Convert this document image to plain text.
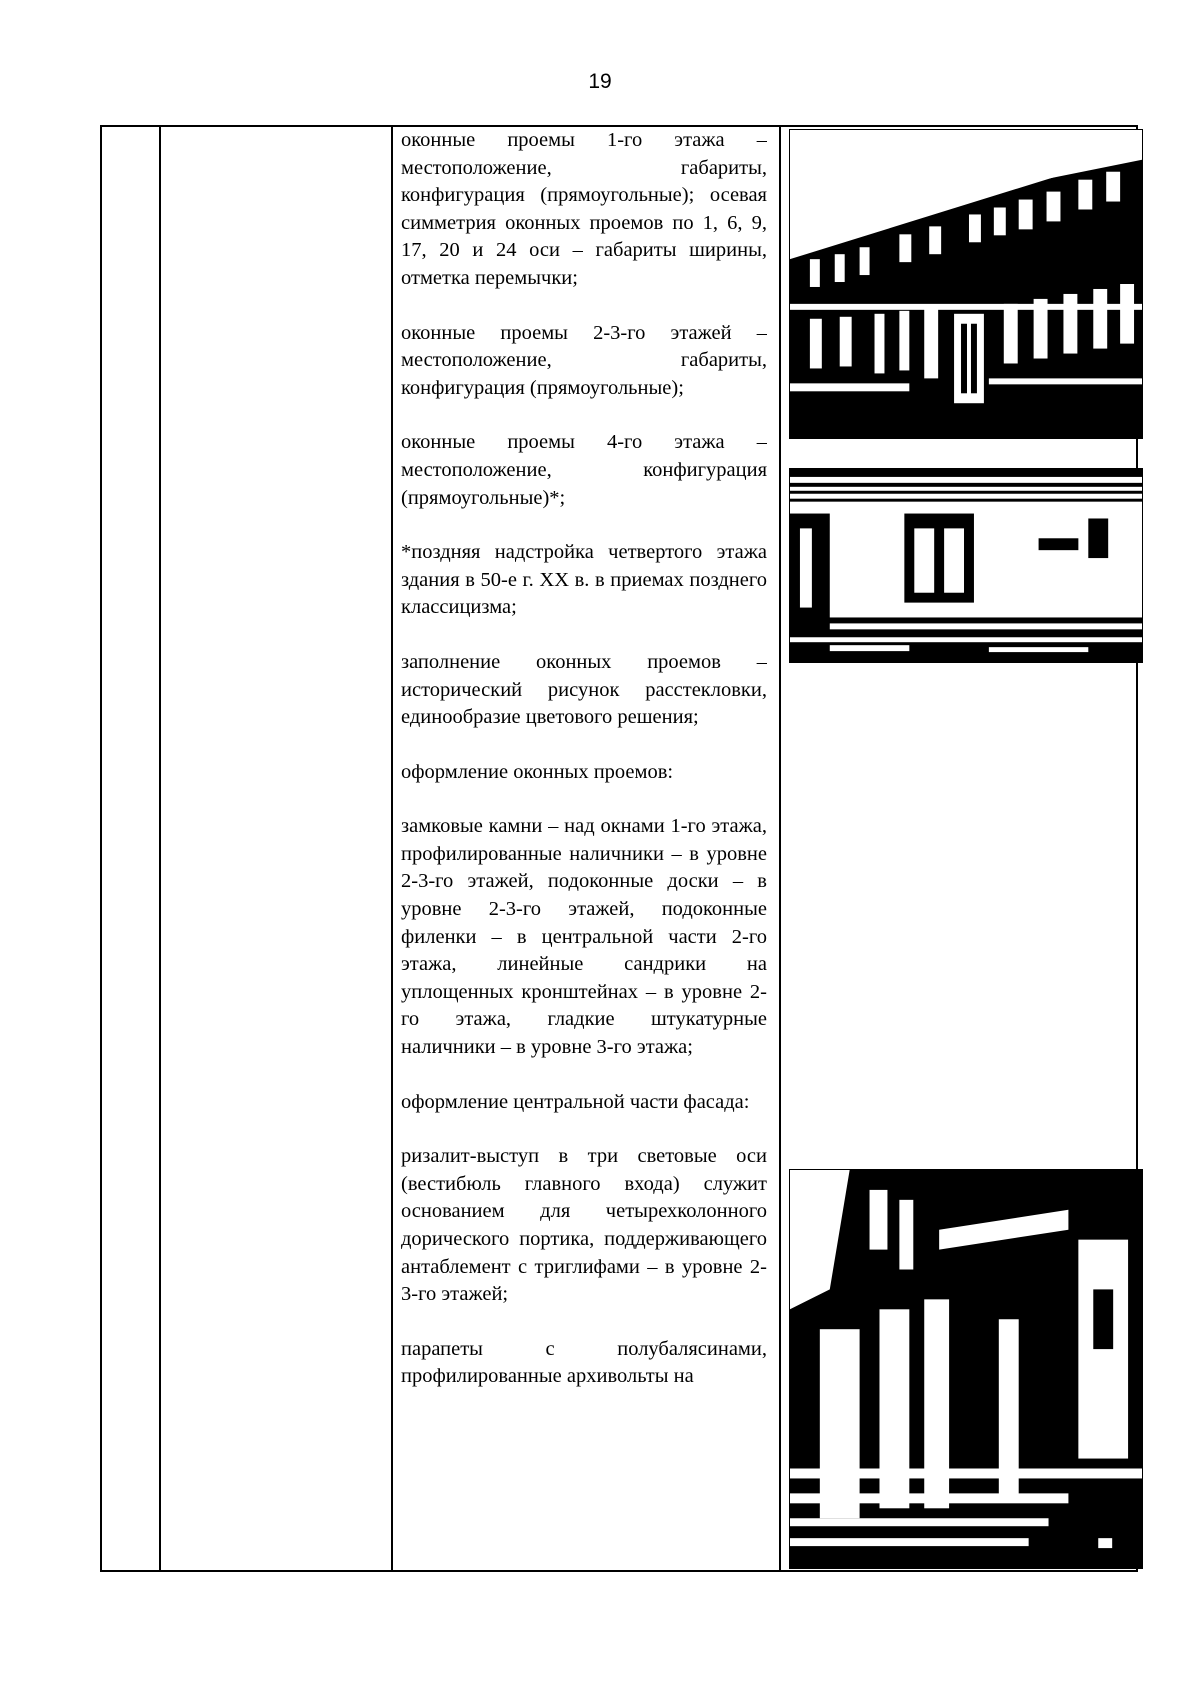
19

оконные проемы 1-го этажа – местоположение, габариты, конфигурация (прямоугольные); осевая симметрия оконных проемов по 1, 6, 9, 17, 20 и 24 оси – габариты ширины, отметка перемычки;

оконные проемы 2-3-го этажей – местоположение, габариты, конфигурация (прямоугольные);

оконные проемы 4-го этажа – местоположение, конфигурация (прямоугольные)*;

*поздняя надстройка четвертого этажа здания в 50-е г. XX в. в приемах позднего классицизма;

заполнение оконных проемов – исторический рисунок расстекловки, единообразие цветового решения;

оформление оконных проемов:

замковые камни – над окнами 1-го этажа, профилированные наличники – в уровне 2-3-го этажей, подоконные доски – в уровне 2-3-го этажей, подоконные филенки – в центральной части 2-го этажа, линейные сандрики на уплощенных кронштейнах – в уровне 2-го этажа, гладкие штукатурные наличники – в уровне 3-го этажа;

оформление центральной части фасада:

ризалит-выступ в три световые оси (вестибюль главного входа) служит основанием для четырехколонного дорического портика, поддерживающего антаблемент с триглифами – в уровне 2-3-го этажей;

парапеты с полубалясинами, профилированные архивольты на
